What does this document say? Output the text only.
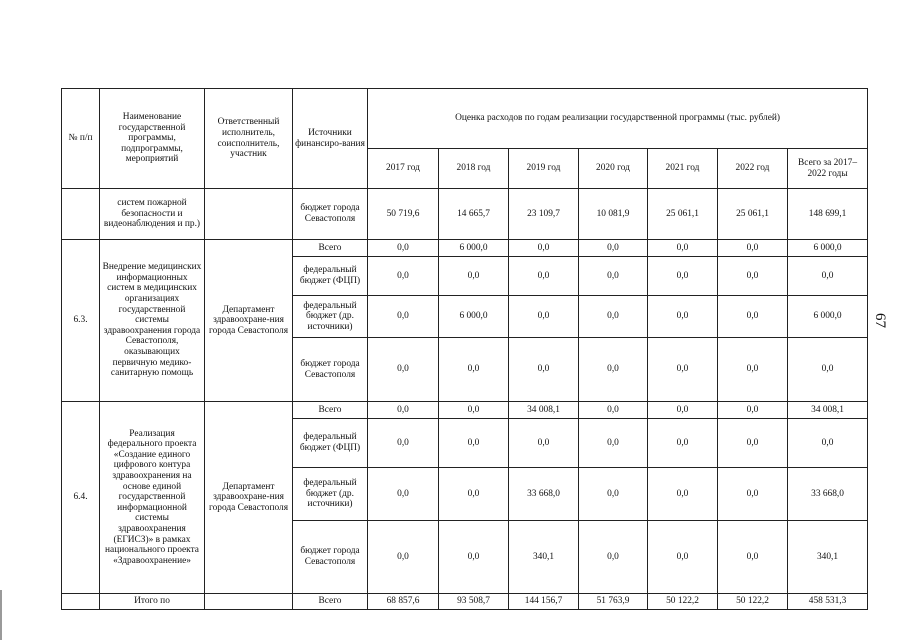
№ п/п	Наименование государственной программы, подпрограммы, мероприятий	Ответственный исполнитель, соисполнитель, участник	Источники финансиро-вания	Оценка расходов по годам реализации государственной программы (тыс. рублей)						
				2017 год	2018 год	2019 год	2020 год	2021 год	2022 год	Всего за 2017–2022 годы
	систем пожарной безопасности и видеонаблюдения и пр.)		бюджет города Севастополя	50 719,6	14 665,7	23 109,7	10 081,9	25 061,1	25 061,1	148 699,1
6.3.	Внедрение медицинских информационных систем в медицинских организациях государственной системы здравоохранения города Севастополя, оказывающих первичную медико-санитарную помощь	Департамент здравоохране-ния города Севастополя	Всего	0,0	6 000,0	0,0	0,0	0,0	0,0	6 000,0
			федеральный бюджет (ФЦП)	0,0	0,0	0,0	0,0	0,0	0,0	0,0
			федеральный бюджет (др. источники)	0,0	6 000,0	0,0	0,0	0,0	0,0	6 000,0
			бюджет города Севастополя	0,0	0,0	0,0	0,0	0,0	0,0	0,0
6.4.	Реализация федерального проекта «Создание единого цифрового контура здравоохранения на основе единой государственной информационной системы здравоохранения (ЕГИСЗ)» в рамках национального проекта «Здравоохранение»	Департамент здравоохране-ния города Севастополя	Всего	0,0	0,0	34 008,1	0,0	0,0	0,0	34 008,1
			федеральный бюджет (ФЦП)	0,0	0,0	0,0	0,0	0,0	0,0	0,0
			федеральный бюджет (др. источники)	0,0	0,0	33 668,0	0,0	0,0	0,0	33 668,0
			бюджет города Севастополя	0,0	0,0	340,1	0,0	0,0	0,0	340,1
	Итого по		Всего	68 857,6	93 508,7	144 156,7	51 763,9	50 122,2	50 122,2	458 531,3
67
